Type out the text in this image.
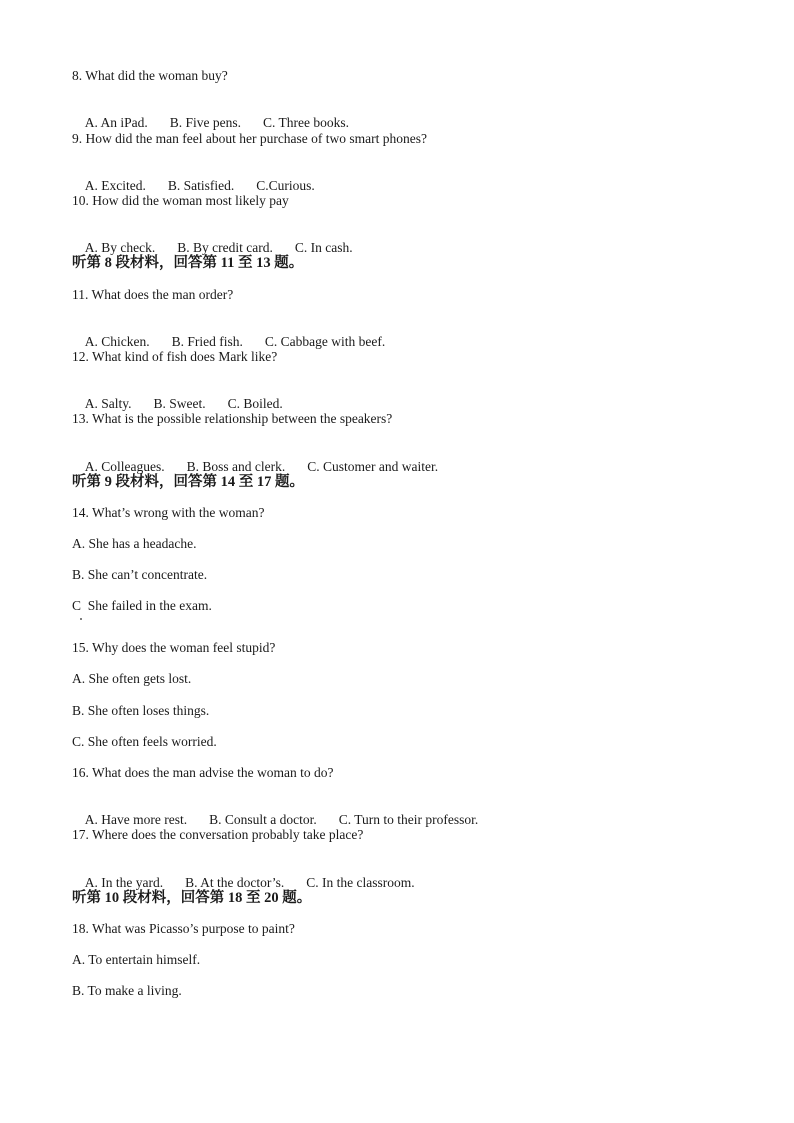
8. What did the woman buy?

A. An iPad. B. Five pens. C. Three books.

9. How did the man feel about her purchase of two smart phones?

A. Excited. B. Satisfied. C.Curious.

10. How did the woman most likely pay

A. By check. B. By credit card. C. In cash.

听第 8 段材料，回答第 11 至 13 题。
11. What does the man order?

A. Chicken. B. Fried fish. C. Cabbage with beef.

12. What kind of fish does Mark like?

A. Salty. B. Sweet. C. Boiled.

13. What is the possible relationship between the speakers?

A. Colleagues. B. Boss and clerk. C. Customer and waiter.

听第 9 段材料，回答第 14 至 17 题。
14. What’s wrong with the woman?
A. She has a headache.
B. She can’t concentrate.
C  She failed in the exam.
15. Why does the woman feel stupid?
A. She often gets lost.
B. She often loses things.
C. She often feels worried.
16. What does the man advise the woman to do?

A. Have more rest. B. Consult a doctor. C. Turn to their professor.

17. Where does the conversation probably take place?

A. In the yard. B. At the doctor’s. C. In the classroom.

听第 10 段材料，回答第 18 至 20 题。
18. What was Picasso’s purpose to paint?
A. To entertain himself.
B. To make a living.
